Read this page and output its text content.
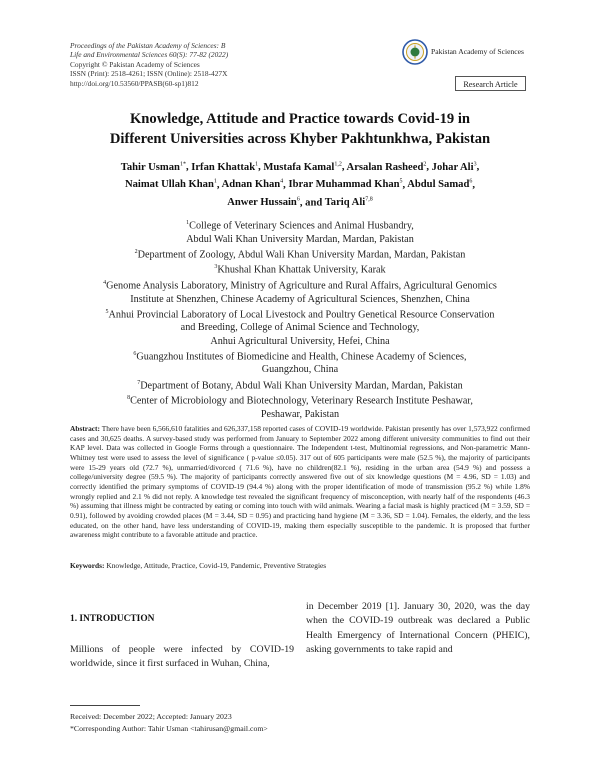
Proceedings of the Pakistan Academy of Sciences: B
Life and Environmental Sciences 60(S): 77-82 (2022)
Copyright © Pakistan Academy of Sciences
ISSN (Print): 2518-4261; ISSN (Online): 2518-427X
http://doi.org/10.53560/PPASB(60-sp1)812
Pakistan Academy of Sciences
Research Article
Knowledge, Attitude and Practice towards Covid-19 in
Different Universities across Khyber Pakhtunkhwa, Pakistan
Tahir Usman$^{1*}$, Irfan Khattak$^1$, Mustafa Kamal$^{1,2}$, Arsalan Rasheed$^2$, Johar Ali$^3$,
Naimat Ullah Khan$^1$, Adnan Khan$^4$, Ibrar Muhammad Khan$^5$, Abdul Samad$^6$,
Anwer Hussain$^6$, and Tariq Ali$^{7,8}$
$^1$College of Veterinary Sciences and Animal Husbandry,
Abdul Wali Khan University Mardan, Mardan, Pakistan
$^2$Department of Zoology, Abdul Wali Khan University Mardan, Mardan, Pakistan
$^3$Khushal Khan Khattak University, Karak
$^4$Genome Analysis Laboratory, Ministry of Agriculture and Rural Affairs, Agricultural Genomics
Institute at Shenzhen, Chinese Academy of Agricultural Sciences, Shenzhen, China
$^5$Anhui Provincial Laboratory of Local Livestock and Poultry Genetical Resource Conservation
and Breeding, College of Animal Science and Technology,
Anhui Agricultural University, Hefei, China
$^6$Guangzhou Institutes of Biomedicine and Health, Chinese Academy of Sciences,
Guangzhou, China
$^7$Department of Botany, Abdul Wali Khan University Mardan, Mardan, Pakistan
$^8$Center of Microbiology and Biotechnology, Veterinary Research Institute Peshawar,
Peshawar, Pakistan
Abstract: There have been 6,566,610 fatalities and 626,337,158 reported cases of COVID-19 worldwide. Pakistan presently has over 1,573,922 confirmed cases and 30,625 deaths. A survey-based study was performed from January to September 2022 among different university communities to find out their KAP level. Data was collected in Google Forms through a questionnaire. The Independent t-test, Multinomial regressions, and Non-parametric Mann-Whitney test were used to assess the level of significance ( p-value ≤0.05). 317 out of 605 participants were male (52.5 %), the majority of participants were 15-29 years old (72.7 %), unmarried/divorced ( 71.6 %), have no children(82.1 %), residing in the urban area (54.9 %) and possess a college/university degree (59.5 %). The majority of participants correctly answered five out of six knowledge questions (M = 4.96, SD = 1.03) and correctly identified the primary symptoms of COVID-19 (94.4 %) along with the proper identification of mode of transmission (95.2 %) while 1.8% wrongly replied and 2.1 % did not reply. A knowledge test revealed the significant frequency of misconception, with nearly half of the respondents (46.3 %) assuming that illness might be contracted by eating or coming into touch with wild animals. Wearing a facial mask is highly practiced (M = 3.59, SD = 0.91), followed by avoiding crowded places (M = 3.44, SD = 0.95) and practicing hand hygiene (M = 3.36, SD = 1.04). Females, the elderly, and the less educated, on the other hand, have less understanding of COVID-19, making them especially susceptible to the pandemic. It is proposed that further awareness might contribute to a favorable attitude and practice.
Keywords: Knowledge, Attitude, Practice, Covid-19, Pandemic, Preventive Strategies
1. INTRODUCTION
Millions of people were infected by COVID-19 worldwide, since it first surfaced in Wuhan, China,
in December 2019 [1]. January 30, 2020, was the day when the COVID-19 outbreak was declared a Public Health Emergency of International Concern (PHEIC), asking governments to take rapid and
Received: December 2022; Accepted: January 2023
*Corresponding Author: Tahir Usman <tahirusan@gmail.com>
